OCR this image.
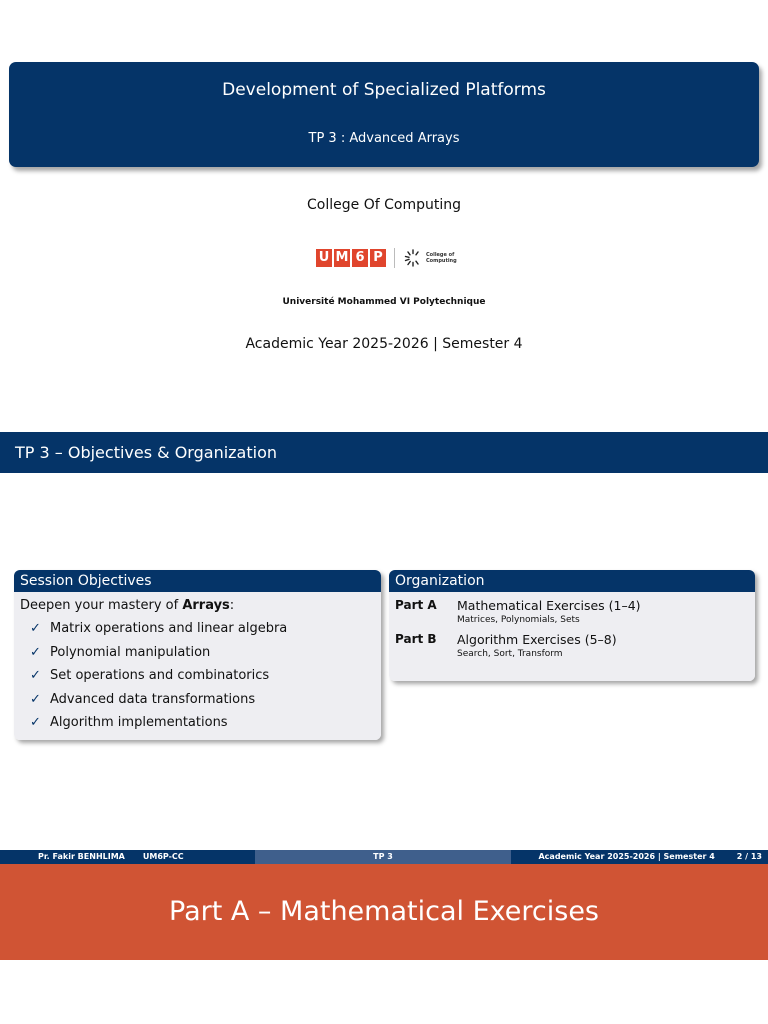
Development of Specialized Platforms
TP 3 : Advanced Arrays
College Of Computing
U M 6 P	College of
Computing
Université Mohammed VI Polytechnique
Academic Year 2025-2026 | Semester 4
TP 3 – Objectives & Organization
Session Objectives
Deepen your mastery of Arrays:
✓ Matrix operations and linear algebra
✓ Polynomial manipulation
✓ Set operations and combinatorics
✓ Advanced data transformations
✓ Algorithm implementations
Organization
Part A	Mathematical Exercises (1–4)
Matrices, Polynomials, Sets
Part B	Algorithm Exercises (5–8)
Search, Sort, Transform
Pr. Fakir BENHLIMA	UM6P-CC	TP 3	Academic Year 2025-2026 | Semester 4	2 / 13
Part A – Mathematical Exercises
